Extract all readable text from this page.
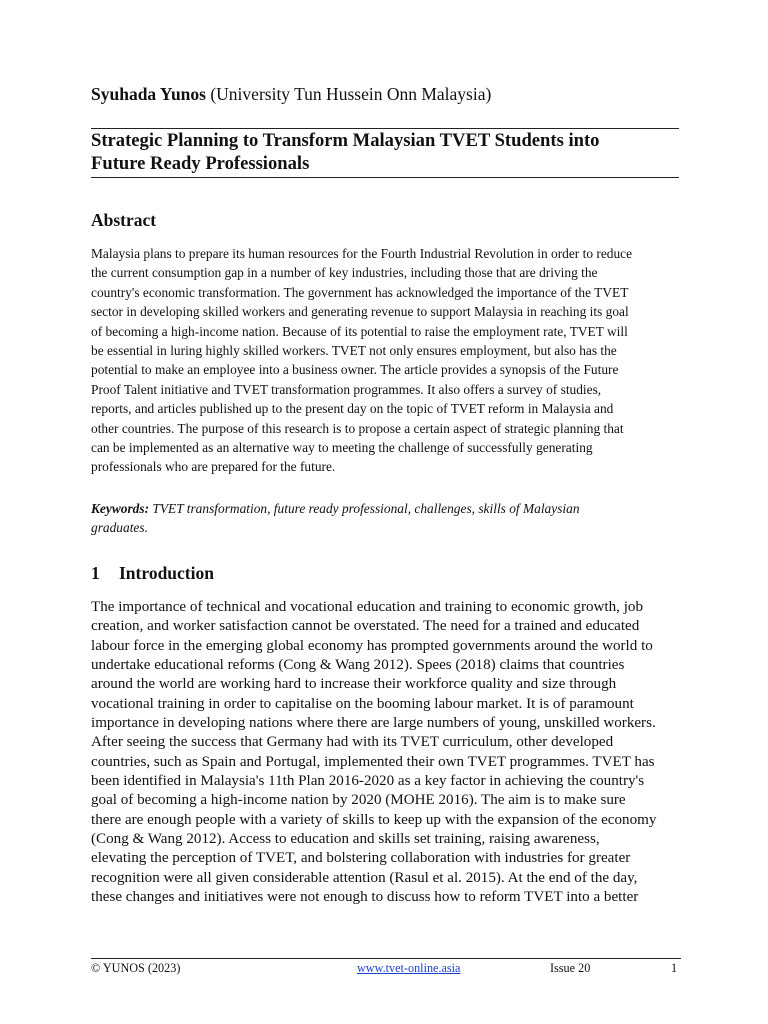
Syuhada Yunos (University Tun Hussein Onn Malaysia)
Strategic Planning to Transform Malaysian TVET Students into
Future Ready Professionals
Abstract
Malaysia plans to prepare its human resources for the Fourth Industrial Revolution in order to reduce
the current consumption gap in a number of key industries, including those that are driving the
country's economic transformation. The government has acknowledged the importance of the TVET
sector in developing skilled workers and generating revenue to support Malaysia in reaching its goal
of becoming a high-income nation. Because of its potential to raise the employment rate, TVET will
be essential in luring highly skilled workers. TVET not only ensures employment, but also has the
potential to make an employee into a business owner. The article provides a synopsis of the Future
Proof Talent initiative and TVET transformation programmes. It also offers a survey of studies,
reports, and articles published up to the present day on the topic of TVET reform in Malaysia and
other countries. The purpose of this research is to propose a certain aspect of strategic planning that
can be implemented as an alternative way to meeting the challenge of successfully generating
professionals who are prepared for the future.
Keywords: TVET transformation, future ready professional, challenges, skills of Malaysian
graduates.
1 Introduction
The importance of technical and vocational education and training to economic growth, job
creation, and worker satisfaction cannot be overstated. The need for a trained and educated
labour force in the emerging global economy has prompted governments around the world to
undertake educational reforms (Cong & Wang 2012). Spees (2018) claims that countries
around the world are working hard to increase their workforce quality and size through
vocational training in order to capitalise on the booming labour market. It is of paramount
importance in developing nations where there are large numbers of young, unskilled workers.
After seeing the success that Germany had with its TVET curriculum, other developed
countries, such as Spain and Portugal, implemented their own TVET programmes. TVET has
been identified in Malaysia's 11th Plan 2016-2020 as a key factor in achieving the country's
goal of becoming a high-income nation by 2020 (MOHE 2016). The aim is to make sure
there are enough people with a variety of skills to keep up with the expansion of the economy
(Cong & Wang 2012). Access to education and skills set training, raising awareness,
elevating the perception of TVET, and bolstering collaboration with industries for greater
recognition were all given considerable attention (Rasul et al. 2015). At the end of the day,
these changes and initiatives were not enough to discuss how to reform TVET into a better
© YUNOS (2023)	www.tvet-online.asia	Issue 20	1
